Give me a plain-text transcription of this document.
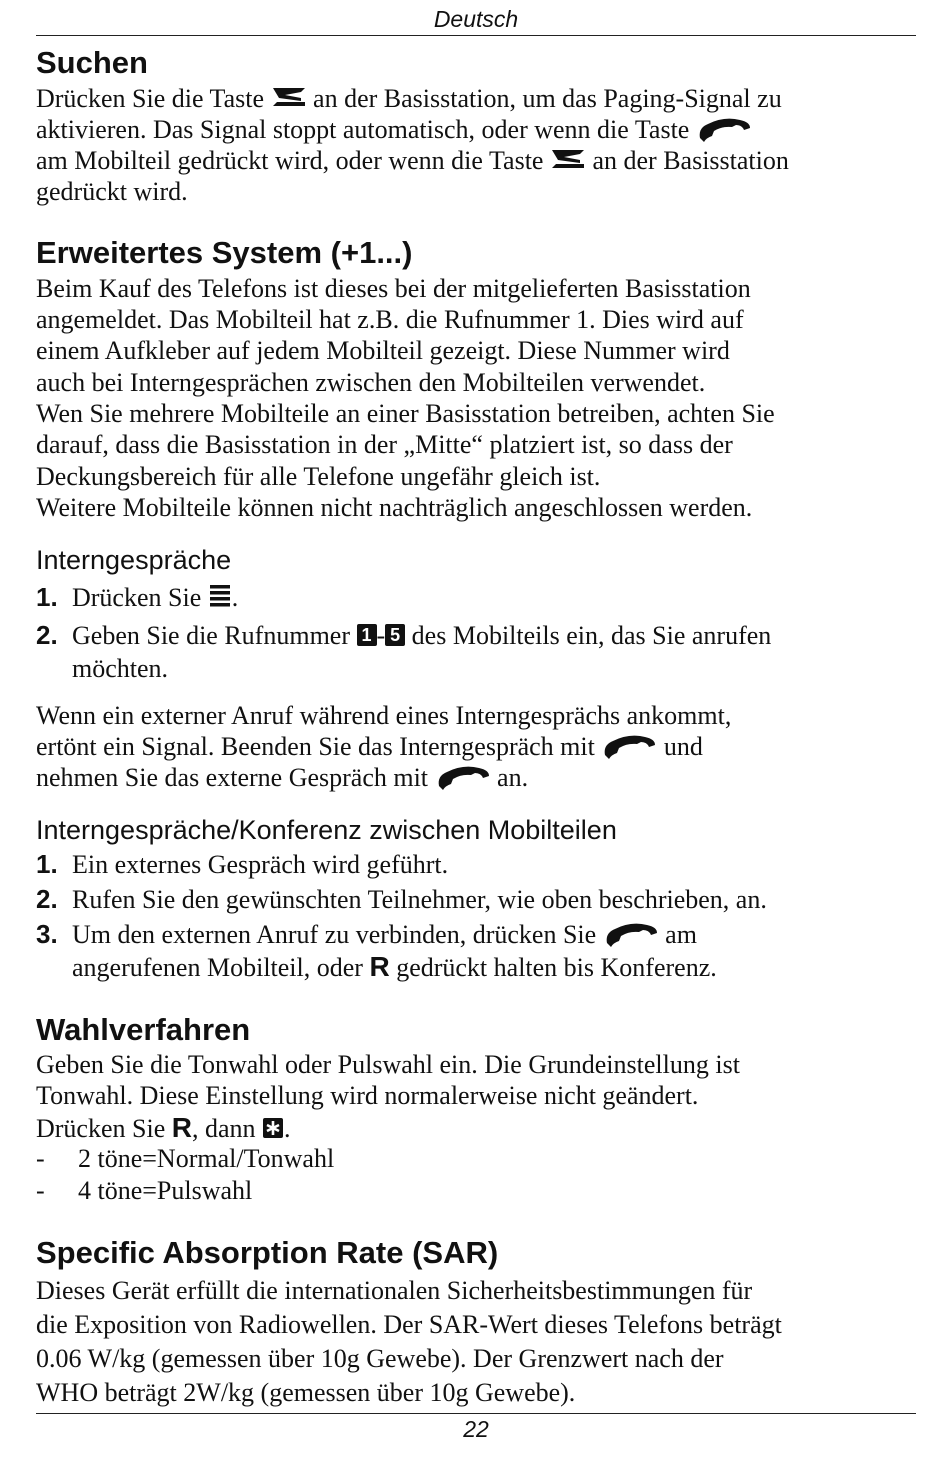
Deutsch
Suchen
Drücken Sie die Taste an der Basisstation, um das Paging-Signal zu
aktivieren. Das Signal stoppt automatisch, oder wenn die Taste
am Mobilteil gedrückt wird, oder wenn die Taste an der Basisstation
gedrückt wird.
Erweitertes System (+1...)
Beim Kauf des Telefons ist dieses bei der mitgelieferten Basisstation
angemeldet. Das Mobilteil hat z.B. die Rufnummer 1. Dies wird auf
einem Aufkleber auf jedem Mobilteil gezeigt. Diese Nummer wird
auch bei Interngesprächen zwischen den Mobilteilen verwendet.
Wen Sie mehrere Mobilteile an einer Basisstation betreiben, achten Sie
darauf, dass die Basisstation in der „Mitte“ platziert ist, so dass der
Deckungsbereich für alle Telefone ungefähr gleich ist.
Weitere Mobilteile können nicht nachträglich angeschlossen werden.
Interngespräche
1. Drücken Sie .
2. Geben Sie die Rufnummer 1 - 5 des Mobilteils ein, das Sie anrufen
möchten.
Wenn ein externer Anruf während eines Interngesprächs ankommt,
ertönt ein Signal. Beenden Sie das Interngespräch mit	und
nehmen Sie das externe Gespräch mit	an.
Interngespräche/Konferenz zwischen Mobilteilen
1. Ein externes Gespräch wird geführt.
2. Rufen Sie den gewünschten Teilnehmer, wie oben beschrieben, an.
3. Um den externen Anruf zu verbinden, drücken Sie	am
angerufenen Mobilteil, oder R gedrückt halten bis Konferenz.
Wahlverfahren
Geben Sie die Tonwahl oder Pulswahl ein. Die Grundeinstellung ist
Tonwahl. Diese Einstellung wird normalerweise nicht geändert.
Drücken Sie R, dann .
- 2 töne=Normal/Tonwahl
- 4 töne=Pulswahl
Specific Absorption Rate (SAR)
Dieses Gerät erfüllt die internationalen Sicherheitsbestimmungen für
die Exposition von Radiowellen. Der SAR-Wert dieses Telefons beträgt
0.06 W/kg (gemessen über 10g Gewebe). Der Grenzwert nach der
WHO beträgt 2W/kg (gemessen über 10g Gewebe).
22
